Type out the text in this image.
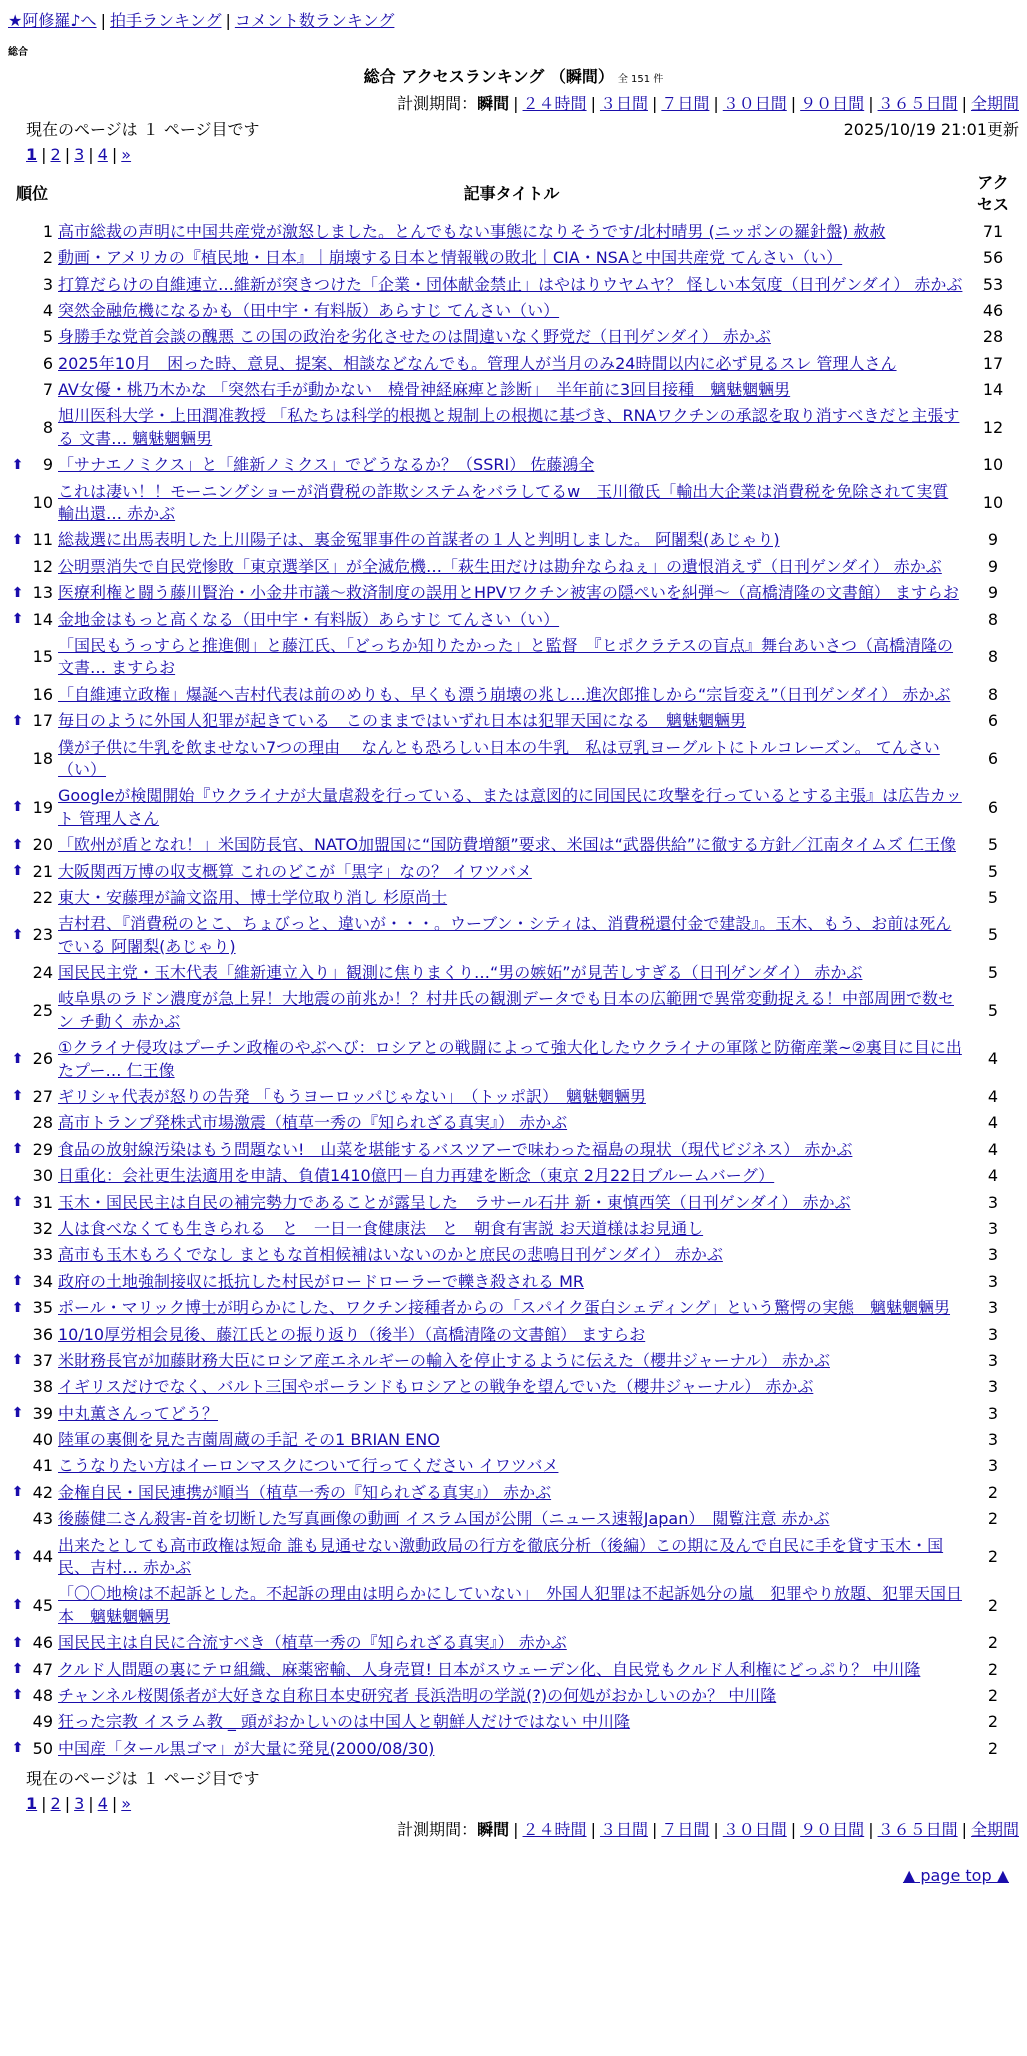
★阿修羅♪へ | 拍手ランキング | コメント数ランキング
総合
総合 アクセスランキング （瞬間） 全 151 件
計測期間：瞬間 | ２４時間 | ３日間 | ７日間 | ３０日間 | ９０日間 | ３６５日間 | 全期間
現在のページは １ ページ目です	2025/10/19 21:01更新
1 | 2 | 3 | 4 | »
順位		記事タイトル	アクセス
	1	高市総裁の声明に中国共産党が激怒しました。とんでもない事態になりそうです/北村晴男 (ニッポンの羅針盤) 赦赦	71
	2	動画・アメリカの『植民地・日本』｜崩壊する日本と情報戦の敗北｜CIA・NSAと中国共産党 てんさい（い）	56
	3	打算だらけの自維連立…維新が突きつけた「企業・団体献金禁止」はやはりウヤムヤ？ 怪しい本気度（日刊ゲンダイ） 赤かぶ	53
	4	突然金融危機になるかも（田中宇・有料版）あらすじ てんさい（い）	46
	5	身勝手な党首会談の醜悪 この国の政治を劣化させたのは間違いなく野党だ（日刊ゲンダイ） 赤かぶ	28
	6	2025年10月　困った時、意見、提案、相談などなんでも。管理人が当月のみ24時間以内に必ず見るスレ 管理人さん	17
	7	AV女優・桃乃木かな 「突然右手が動かない　橈骨神経麻痺と診断」　半年前に3回目接種　魑魅魍魎男	14
	8	旭川医科大学・上田潤准教授 「私たちは科学的根拠と規制上の根拠に基づき、RNAワクチンの承認を取り消すべきだと主張する 文書… 魑魅魍魎男	12
⬆	9	「サナエノミクス」と「維新ノミクス」でどうなるか？（SSRI） 佐藤鴻全	10
	10	これは凄い！！モーニングショーが消費税の詐欺システムをバラしてるw　玉川徹氏「輸出大企業は消費税を免除されて実質 輸出還… 赤かぶ	10
⬆	11	総裁選に出馬表明した上川陽子は、裏金冤罪事件の首謀者の１人と判明しました。 阿闍梨(あじゃり)	9
	12	公明票消失で自民党惨敗「東京選挙区」が全滅危機…「萩生田だけは勘弁ならねぇ」の遺恨消えず（日刊ゲンダイ） 赤かぶ	9
⬆	13	医療利権と闘う藤川賢治・小金井市議〜救済制度の誤用とHPVワクチン被害の隠ぺいを糾弾〜（高橋清隆の文書館） ますらお	9
⬆	14	金地金はもっと高くなる（田中宇・有料版）あらすじ てんさい（い）	8
	15	「国民もうっすらと推進側」と藤江氏、「どっちか知りたかった」と監督　『ヒポクラテスの盲点』舞台あいさつ（高橋清隆の 文書… ますらお	8
	16	「自維連立政権」爆誕へ吉村代表は前のめりも、早くも漂う崩壊の兆し…進次郎推しから“宗旨変え”（日刊ゲンダイ） 赤かぶ	8
⬆	17	毎日のように外国人犯罪が起きている　このままではいずれ日本は犯罪天国になる　魑魅魍魎男	6
	18	僕が子供に牛乳を飲ませない7つの理由　 なんとも恐ろしい日本の牛乳　私は豆乳ヨーグルトにトルコレーズン。 てんさい（い）	6
⬆	19	Googleが検閲開始『ウクライナが大量虐殺を行っている、または意図的に同国民に攻撃を行っているとする主張』は広告カット 管理人さん	6
⬆	20	「欧州が盾となれ！」米国防長官、NATO加盟国に“国防費増額”要求、米国は“武器供給”に徹する方針／江南タイムズ 仁王像	5
⬆	21	大阪関西万博の収支概算 これのどこが「黒字」なの？ イワツバメ	5
	22	東大・安藤理が論文盗用、博士学位取り消し 杉原尚士	5
⬆	23	吉村君、『消費税のとこ、ちょびっと、違いが・・・。ウーブン・シティは、消費税還付金で建設』。玉木、もう、お前は死んでいる 阿闍梨(あじゃり)	5
	24	国民民主党・玉木代表「維新連立入り」観測に焦りまくり…“男の嫉妬”が見苦しすぎる（日刊ゲンダイ） 赤かぶ	5
	25	岐阜県のラドン濃度が急上昇！大地震の前兆か！？村井氏の観測データでも日本の広範囲で異常変動捉える！中部周囲で数セン チ動く 赤かぶ	5
⬆	26	①クライナ侵攻はプーチン政権のやぶへび：ロシアとの戦闘によって強大化したウクライナの軍隊と防衛産業~②裏目に目に出たプー… 仁王像	4
⬆	27	ギリシャ代表が怒りの告発 「もうヨーロッパじゃない」　（トッポ訳）　魑魅魍魎男	4
	28	高市トランプ発株式市場激震（植草一秀の『知られざる真実』） 赤かぶ	4
⬆	29	食品の放射線汚染はもう問題ない!　山菜を堪能するバスツアーで味わった福島の現状（現代ビジネス） 赤かぶ	4
	30	日重化：会社更生法適用を申請、負債1410億円－自力再建を断念（東京 2月22日ブルームバーグ）	4
⬆	31	玉木・国民民主は自民の補完勢力であることが露呈した　ラサール石井 新・東慎西笑（日刊ゲンダイ） 赤かぶ	3
	32	人は食べなくても生きられる　と　一日一食健康法　と　朝食有害説 お天道様はお見通し	3
	33	高市も玉木もろくでなし まともな首相候補はいないのかと庶民の悲鳴日刊ゲンダイ） 赤かぶ	3
⬆	34	政府の土地強制接収に抵抗した村民がロードローラーで轢き殺される MR	3
⬆	35	ポール・マリック博士が明らかにした、ワクチン接種者からの「スパイク蛋白シェディング」という驚愕の実態　魑魅魍魎男	3
	36	10/10厚労相会見後、藤江氏との振り返り（後半）（高橋清隆の文書館） ますらお	3
⬆	37	米財務長官が加藤財務大臣にロシア産エネルギーの輸入を停止するように伝えた（櫻井ジャーナル） 赤かぶ	3
	38	イギリスだけでなく、バルト三国やポーランドもロシアとの戦争を望んでいた（櫻井ジャーナル） 赤かぶ	3
⬆	39	中丸薫さんってどう？	3
	40	陸軍の裏側を見た吉薗周蔵の手記 その1 BRIAN ENO	3
	41	こうなりたい方はイーロンマスクについて行ってください イワツバメ	3
⬆	42	金権自民・国民連携が順当（植草一秀の『知られざる真実』） 赤かぶ	2
	43	後藤健二さん殺害-首を切断した写真画像の動画 イスラム国が公開（ニュース速報Japan）　閲覧注意 赤かぶ	2
⬆	44	出来たとしても高市政権は短命 誰も見通せない激動政局の行方を徹底分析（後編）この期に及んで自民に手を貸す玉木・国民、吉村… 赤かぶ	2
⬆	45	「〇〇地検は不起訴とした。不起訴の理由は明らかにしていない」　外国人犯罪は不起訴処分の嵐　犯罪やり放題、犯罪天国日本　魑魅魍魎男	2
⬆	46	国民民主は自民に合流すべき（植草一秀の『知られざる真実』） 赤かぶ	2
⬆	47	クルド人問題の裏にテロ組織、麻薬密輸、人身売買! 日本がスウェーデン化、自民党もクルド人利権にどっぷり？ 中川隆	2
⬆	48	チャンネル桜関係者が大好きな自称日本史研究者 長浜浩明の学説(?)の何処がおかしいのか？ 中川隆	2
	49	狂った宗教 イスラム教 _ 頭がおかしいのは中国人と朝鮮人だけではない 中川隆	2
⬆	50	中国産「タール黒ゴマ」が大量に発見(2000/08/30)	2
現在のページは １ ページ目です
1 | 2 | 3 | 4 | »
計測期間：瞬間 | ２４時間 | ３日間 | ７日間 | ３０日間 | ９０日間 | ３６５日間 | 全期間
▲ page top ▲
